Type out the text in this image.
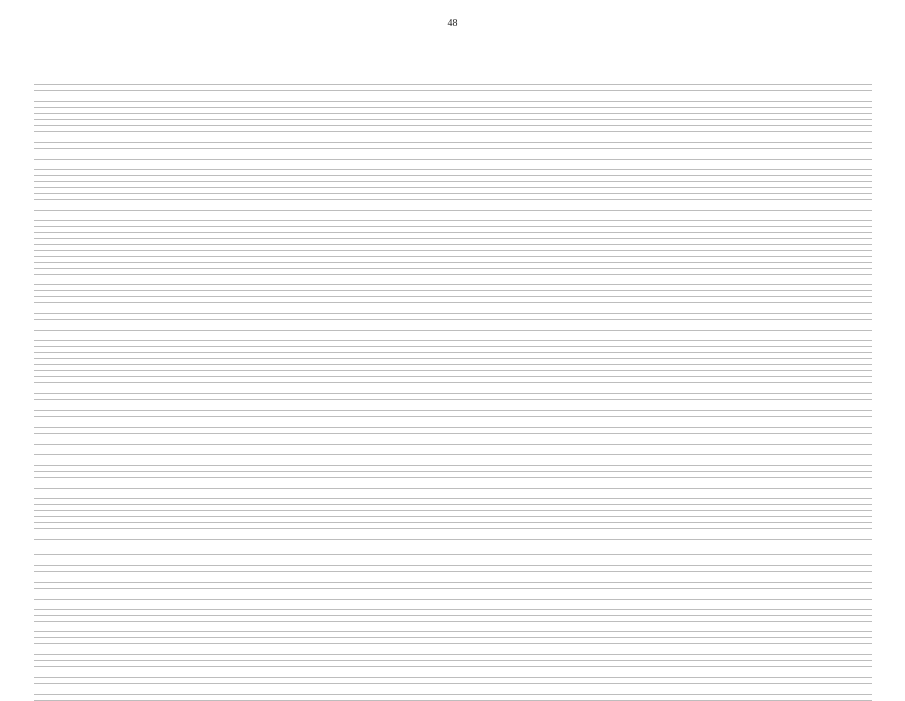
48
